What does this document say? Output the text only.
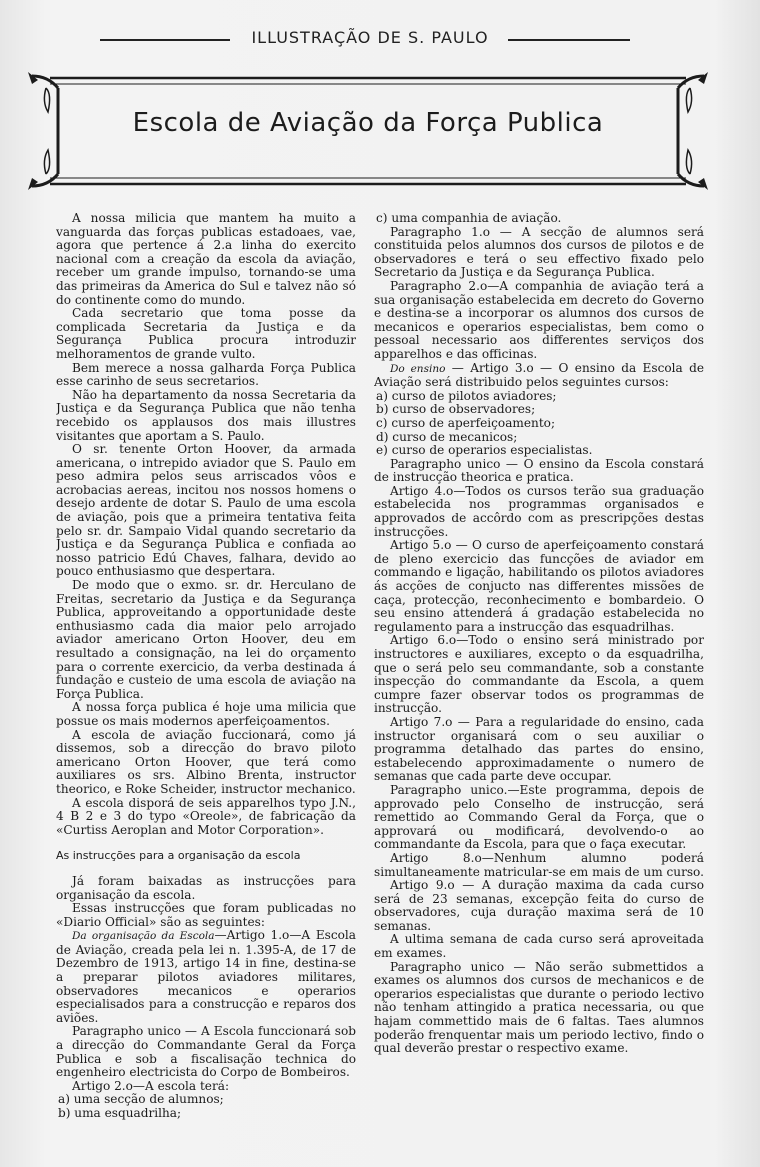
ILLUSTRAÇÃO DE S. PAULO
Escola de Aviação da Força Publica

A nossa milicia que mantem ha muito a vanguarda das forças publicas estadoaes, vae, agora que pertence á 2.a linha do exercito nacional com a creação da escola da aviação, receber um grande impulso, tornando-se uma das primeiras da America do Sul e talvez não só do continente como do mundo.

Cada secretario que toma posse da complicada Secretaria da Justiça e da Segurança Publica procura introduzir melhoramentos de grande vulto.

Bem merece a nossa galharda Força Publica esse carinho de seus secretarios.

Não ha departamento da nossa Secretaria da Justiça e da Segurança Publica que não tenha recebido os applausos dos mais illustres visitantes que aportam a S. Paulo.

O sr. tenente Orton Hoover, da armada americana, o intrepido aviador que S. Paulo em peso admira pelos seus arriscados vôos e acrobacias aereas, incitou nos nossos homens o desejo ardente de dotar S. Paulo de uma escola de aviação, pois que a primeira tentativa feita pelo sr. dr. Sampaio Vidal quando secretario da Justiça e da Segurança Publica e confiada ao nosso patricio Edú Chaves, falhara, devido ao pouco enthusiasmo que despertara.

De modo que o exmo. sr. dr. Herculano de Freitas, secretario da Justiça e da Segurança Publica, approveitando a opportunidade deste enthusiasmo cada dia maior pelo arrojado aviador americano Orton Hoover, deu em resultado a consignação, na lei do orçamento para o corrente exercicio, da verba destinada á fundação e custeio de uma escola de aviação na Força Publica.

A nossa força publica é hoje uma milicia que possue os mais modernos aperfeiçoamentos.

A escola de aviação fuccionará, como já dissemos, sob a direcção do bravo piloto americano Orton Hoover, que terá como auxiliares os srs. Albino Brenta, instructor theorico, e Roke Scheider, instructor mechanico.

A escola disporá de seis apparelhos typo J.N., 4 B 2 e 3 do typo «Oreole», de fabricação da «Curtiss Aeroplan and Motor Corporation».

As instrucções para a organisação da escola

Já foram baixadas as instrucções para organisação da escola.

Essas instrucções que foram publicadas no «Diario Official» são as seguintes:

Da organisação da Escola—Artigo 1.o—A Escola de Aviação, creada pela lei n. 1.395-A, de 17 de Dezembro de 1913, artigo 14 in fine, destina-se a preparar pilotos aviadores militares, observadores mecanicos e operarios especialisados para a construcção e reparos dos aviões.

Paragrapho unico — A Escola funccionará sob a direcção do Commandante Geral da Força Publica e sob a fiscalisação technica do engenheiro electricista do Corpo de Bombeiros.

Artigo 2.o—A escola terá:

a) uma secção de alumnos;

b) uma esquadrilha;

c) uma companhia de aviação.

Paragrapho 1.o — A secção de alumnos será constituida pelos alumnos dos cursos de pilotos e de observadores e terá o seu effectivo fixado pelo Secretario da Justiça e da Segurança Publica.

Paragrapho 2.o—A companhia de aviação terá a sua organisação estabelecida em decreto do Governo e destina-se a incorporar os alumnos dos cursos de mecanicos e operarios especialistas, bem como o pessoal necessario aos differentes serviços dos apparelhos e das officinas.

Do ensino — Artigo 3.o — O ensino da Escola de Aviação será distribuido pelos seguintes cursos:

a) curso de pilotos aviadores;

b) curso de observadores;

c) curso de aperfeiçoamento;

d) curso de mecanicos;

e) curso de operarios especialistas.

Paragrapho unico — O ensino da Escola constará de instrucção theorica e pratica.

Artigo 4.o—Todos os cursos terão sua graduação estabelecida nos programmas organisados e approvados de accôrdo com as prescripções destas instrucções.

Artigo 5.o — O curso de aperfeiçoamento constará de pleno exercicio das funcções de aviador em commando e ligação, habilitando os pilotos aviadores ás acções de conjucto nas differentes missões de caça, protecção, reconhecimento e bombardeio. O seu ensino attenderá á gradação estabelecida no regulamento para a instrucção das esquadrilhas.

Artigo 6.o—Todo o ensino será ministrado por instructores e auxiliares, excepto o da esquadrilha, que o será pelo seu commandante, sob a constante inspecção do commandante da Escola, a quem cumpre fazer observar todos os programmas de instrucção.

Artigo 7.o — Para a regularidade do ensino, cada instructor organisará com o seu auxiliar o programma detalhado das partes do ensino, estabelecendo approximadamente o numero de semanas que cada parte deve occupar.

Paragrapho unico.—Este programma, depois de approvado pelo Conselho de instrucção, será remettido ao Commando Geral da Força, que o approvará ou modificará, devolvendo-o ao commandante da Escola, para que o faça executar.

Artigo 8.o—Nenhum alumno poderá simultaneamente matricular-se em mais de um curso.

Artigo 9.o — A duração maxima da cada curso será de 23 semanas, excepção feita do curso de observadores, cuja duração maxima será de 10 semanas.

A ultima semana de cada curso será aproveitada em exames.

Paragrapho unico — Não serão submettidos a exames os alumnos dos cursos de mechanicos e de operarios especialistas que durante o periodo lectivo não tenham attingido a pratica necessaria, ou que hajam commettido mais de 6 faltas. Taes alumnos poderão frenquentar mais um periodo lectivo, findo o qual deverão prestar o respectivo exame.
